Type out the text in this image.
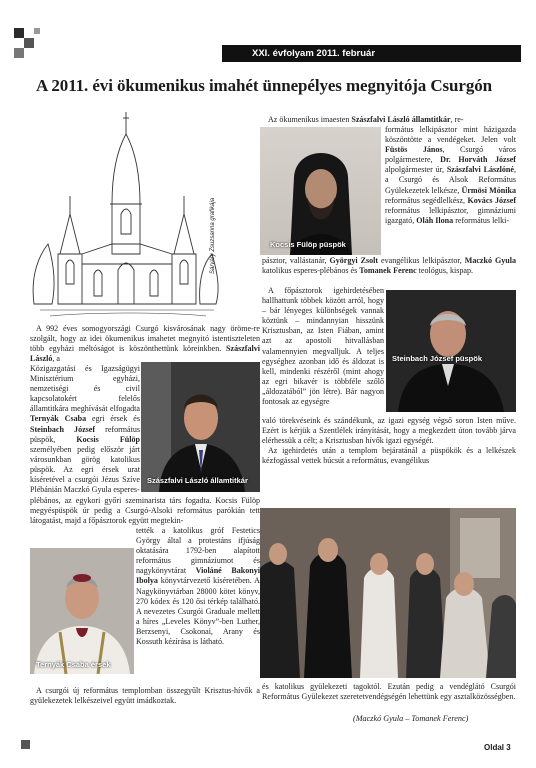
XXI. évfolyam 2011. február
A 2011. évi ökumenikus imahét ünnepélyes megnyitója Csurgón
Sárváry Zsuzsanna grafikája	Kocsis Fülöp püspök
Szászfalvi László államtitkár
Steinbach József püspök
Ternyák Csaba érsek

Az ökumenikus imaesten Szászfalvi László államtitkár, re-

formátus lelkipásztor mint házigazda köszöntötte a vendégeket. Jelen volt Füstös János, Csurgó város polgármestere, Dr. Horváth József alpolgármester úr, Szászfalvi Lászlóné, a Csurgó és Alsok Református Gyülekezetek lelkésze, Ürmösi Mónika református segédlelkész, Kovács József református lelkipásztor, gimnáziumi igazgató, Oláh Ilona református lelki-

pásztor, vallástanár, Györgyi Zsolt evangélikus lelkipásztor, Maczkó Gyula katolikus esperes-plébános és Tomanek Ferenc teológus, kispap.

A főpásztorok igehirdetésében hallhattunk többek között arról, hogy – bár lényeges különbségek vannak köztünk – mindannyian hisszünk Krisztusban, az Isten Fiában, amint azt az apostoli hitvallásban valamennyien megvalljuk. A teljes egységhez azonban idő és áldozat is kell, mindenki részéről (mint ahogy az egri bikavér is többféle szőlő „áldozatából” jön létre). Bár nagyon fontosak az egységre

való törekvéseink és szándékunk, az igazi egység végső soron Isten műve. Ezért is kérjük a Szentlélek irányítását, hogy a megkezdett úton tovább járva elérhessük a célt; a Krisztusban hívők igazi egységét.

Az igehirdetés után a templom bejáratánál a püspökök és a lelkészek kézfogással vettek búcsút a református, evangélikus

és katolikus gyülekezeti tagoktól. Ezután pedig a vendéglátó Csurgói Református Gyülekezet szeretetvendégségén lehettünk egy asztalközösségben.

A 992 éves somogyországi Csurgó kisvárosának nagy öröme-re szolgált, hogy az idei ökumenikus imahetet megnyitó istentiszteleten több egyházi méltóságot is köszönthettünk köreinkben. Szászfalvi László, a

Közigazgatási és Igazságügyi Minisztérium egyházi, nemzetiségi és civil kapcsolatokért felelős államtitkára meghívását elfogadta Ternyák Csaba egri érsek és Steinbach József református püspök, Kocsis Fülöp személyében pedig először járt városunkban görög katolikus püspök. Az egri érsek urat kíséretével a csurgói Jézus Szíve Plébánián Maczkó Gyula esperes-

plébános, az egykori győri szeminarista társ fogadta. Kocsis Fülöp megyéspüspök úr pedig a Csurgó-Alsoki református parókián tett látogatást, majd a főpásztorok együtt megtekin-

tették a katolikus gróf Festetics György által a protestáns ifjúság oktatására 1792-ben alapított református gimnáziumot és nagykönyvtárat Violáné Bakonyi Ibolya könyvtárvezető kíséretében. A Nagykönyvtárban 28000 kötet könyv, 270 kódex és 120 ősi térkép található. A nevezetes Csurgói Graduale mellett a híres „Leveles Könyv”-ben Luther, Berzsenyi, Csokonai, Arany és Kossuth kézírása is látható.

A csurgói új református templomban összegyűlt Krisztus-hívők a gyülekezetek lelkészeivel együtt imádkoztak.

(Maczkó Gyula – Tomanek Ferenc)
Oldal 3
